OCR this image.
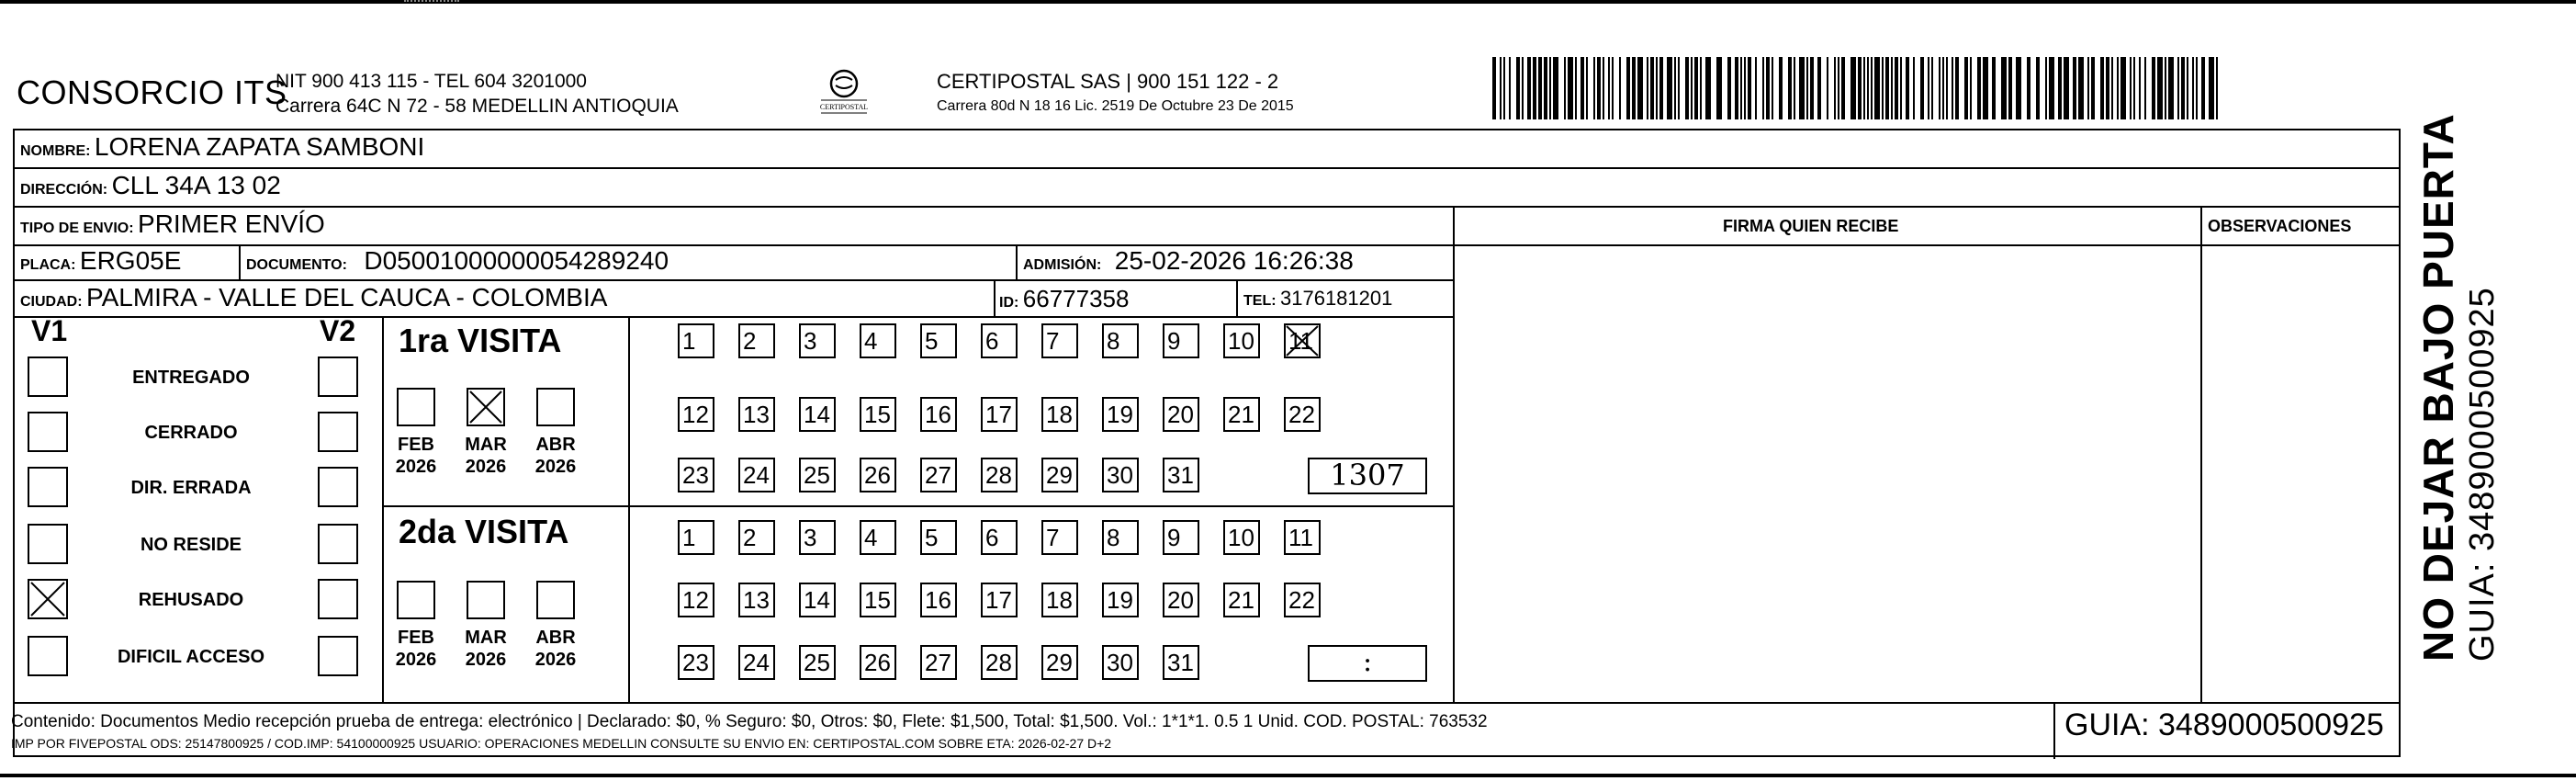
CONSORCIO ITS
NIT 900 413 115 - TEL 604 3201000
Carrera 64C N 72 - 58 MEDELLIN ANTIOQUIA	CERTIPOSTAL
CERTIPOSTAL SAS | 900 151 122 - 2
Carrera 80d N 18 16 Lic. 2519 De Octubre 23 De 2015
NOMBRE: LORENA ZAPATA SAMBONI
DIRECCIÓN: CLL 34A 13 02
TIPO DE ENVIO: PRIMER ENVÍO	FIRMA QUIEN RECIBE	OBSERVACIONES
PLACA: ERG05E	DOCUMENTO: D05001000000054289240	ADMISIÓN: 25-02-2026 16:26:38
CIUDAD: PALMIRA - VALLE DEL CAUCA - COLOMBIA	ID: 66777358	TEL: 3176181201
V1	V2
ENTREGADO
CERRADO
DIR. ERRADA
NO RESIDE
REHUSADO
DIFICIL ACCESO
1ra VISITA
FEB
2026
MAR
2026
ABR
2026
1	2	3	4	5	6	7	8	9	10 11
12 13 14 15 16 17 18 19 20 21 22
23 24 25 26 27 28 29 30 31	1307
2da VISITA
FEB
2026
MAR
2026
ABR
2026
1	2	3	4	5	6	7	8	9	10 11
12 13 14 15 16 17 18 19 20 21 22
23 24 25 26 27 28 29 30 31	:
NO DEJAR BAJO PUERTA GUIA: 3489000500925
Contenido: Documentos Medio recepción prueba de entrega: electrónico | Declarado: $0, % Seguro: $0, Otros: $0, Flete: $1,500, Total: $1,500. Vol.: 1*1*1. 0.5 1 Unid. COD. POSTAL: 763532
IMP POR FIVEPOSTAL ODS: 25147800925 / COD.IMP: 54100000925 USUARIO: OPERACIONES MEDELLIN CONSULTE SU ENVIO EN: CERTIPOSTAL.COM SOBRE ETA: 2026-02-27 D+2
GUIA: 3489000500925
